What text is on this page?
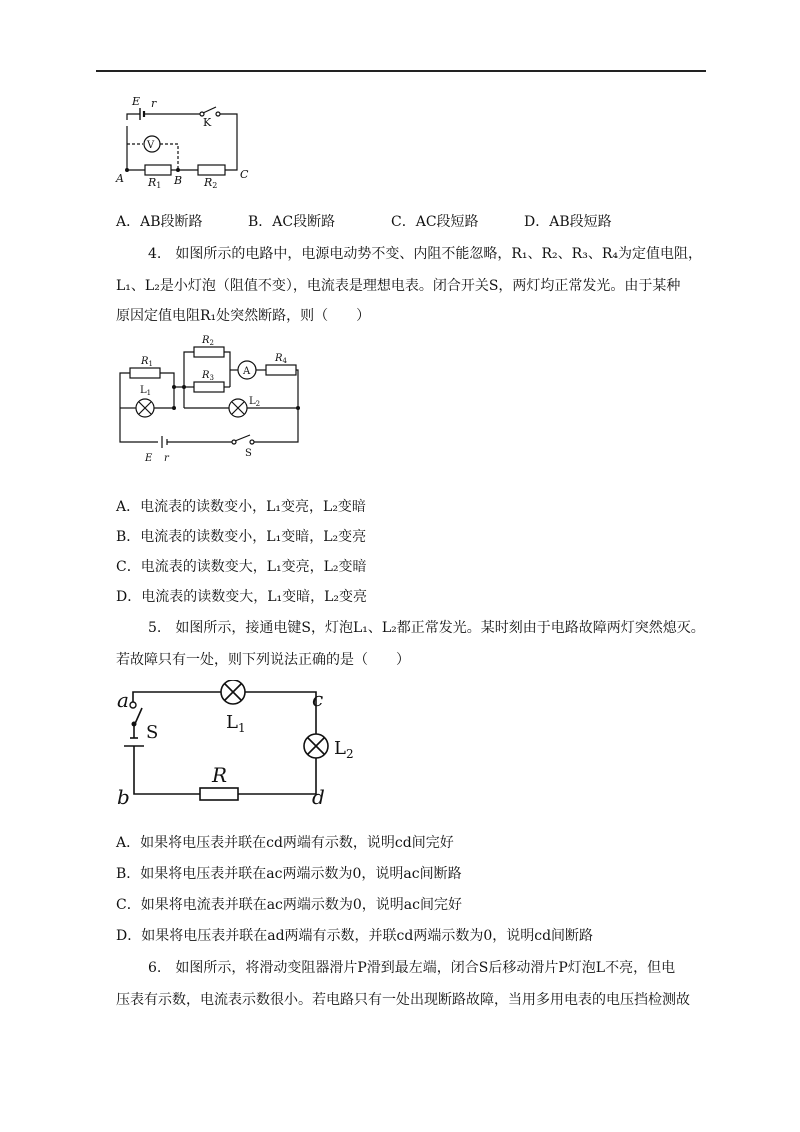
E r
A	B	C
R1	R2
K
V
A．AB段断路	B．AC段断路	C．AC段短路	D．AB段短路
4.　如图所示的电路中，电源电动势不变、内阻不能忽略，R₁、R₂、R₃、R₄为定值电阻，
L₁、L₂是小灯泡（阻值不变），电流表是理想电表。闭合开关S，两灯均正常发光。由于某种
原因定值电阻R₁处突然断路，则（　　）
$R_1$
$R_2$
$R_3$
$R_4$
E r
$L_1$
$L_2$
A
S
A．电流表的读数变小，L₁变亮，L₂变暗
B．电流表的读数变小，L₁变暗，L₂变亮
C．电流表的读数变大，L₁变亮，L₂变暗
D．电流表的读数变大，L₁变暗，L₂变亮
5.　如图所示，接通电键S，灯泡L₁、L₂都正常发光。某时刻由于电路故障两灯突然熄灭。
若故障只有一处，则下列说法正确的是（　　）
a
b
c
d
R
S	$L_1$
$L_2$
A．如果将电压表并联在cd两端有示数，说明cd间完好
B．如果将电压表并联在ac两端示数为0，说明ac间断路
C．如果将电流表并联在ac两端示数为0，说明ac间完好
D．如果将电压表并联在ad两端有示数，并联cd两端示数为0，说明cd间断路
6.　如图所示，将滑动变阻器滑片P滑到最左端，闭合S后移动滑片P灯泡L不亮，但电
压表有示数，电流表示数很小。若电路只有一处出现断路故障，当用多用电表的电压挡检测故
